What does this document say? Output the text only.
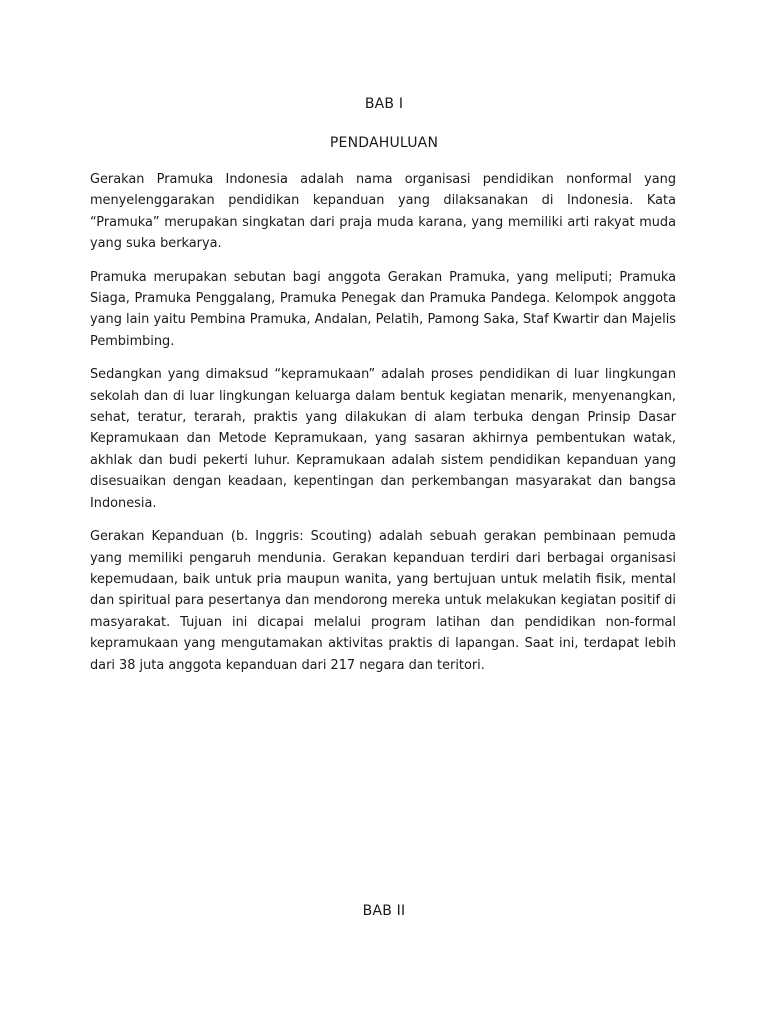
BAB I
PENDAHULUAN

Gerakan Pramuka Indonesia adalah nama organisasi pendidikan nonformal yang menyelenggarakan pendidikan kepanduan yang dilaksanakan di Indonesia. Kata “Pramuka” merupakan singkatan dari praja muda karana, yang memiliki arti rakyat muda yang suka berkarya.

Pramuka merupakan sebutan bagi anggota Gerakan Pramuka, yang meliputi; Pramuka Siaga, Pramuka Penggalang, Pramuka Penegak dan Pramuka Pandega. Kelompok anggota yang lain yaitu Pembina Pramuka, Andalan, Pelatih, Pamong Saka, Staf Kwartir dan Majelis Pembimbing.

Sedangkan yang dimaksud “kepramukaan” adalah proses pendidikan di luar lingkungan sekolah dan di luar lingkungan keluarga dalam bentuk kegiatan menarik, menyenangkan, sehat, teratur, terarah, praktis yang dilakukan di alam terbuka dengan Prinsip Dasar Kepramukaan dan Metode Kepramukaan, yang sasaran akhirnya pembentukan watak, akhlak dan budi pekerti luhur. Kepramukaan adalah sistem pendidikan kepanduan yang disesuaikan dengan keadaan, kepentingan dan perkembangan masyarakat dan bangsa Indonesia.

Gerakan Kepanduan (b. Inggris: Scouting) adalah sebuah gerakan pembinaan pemuda yang memiliki pengaruh mendunia. Gerakan kepanduan terdiri dari berbagai organisasi kepemudaan, baik untuk pria maupun wanita, yang bertujuan untuk melatih fisik, mental dan spiritual para pesertanya dan mendorong mereka untuk melakukan kegiatan positif di masyarakat. Tujuan ini dicapai melalui program latihan dan pendidikan non-formal kepramukaan yang mengutamakan aktivitas praktis di lapangan. Saat ini, terdapat lebih dari 38 juta anggota kepanduan dari 217 negara dan teritori.

BAB II
